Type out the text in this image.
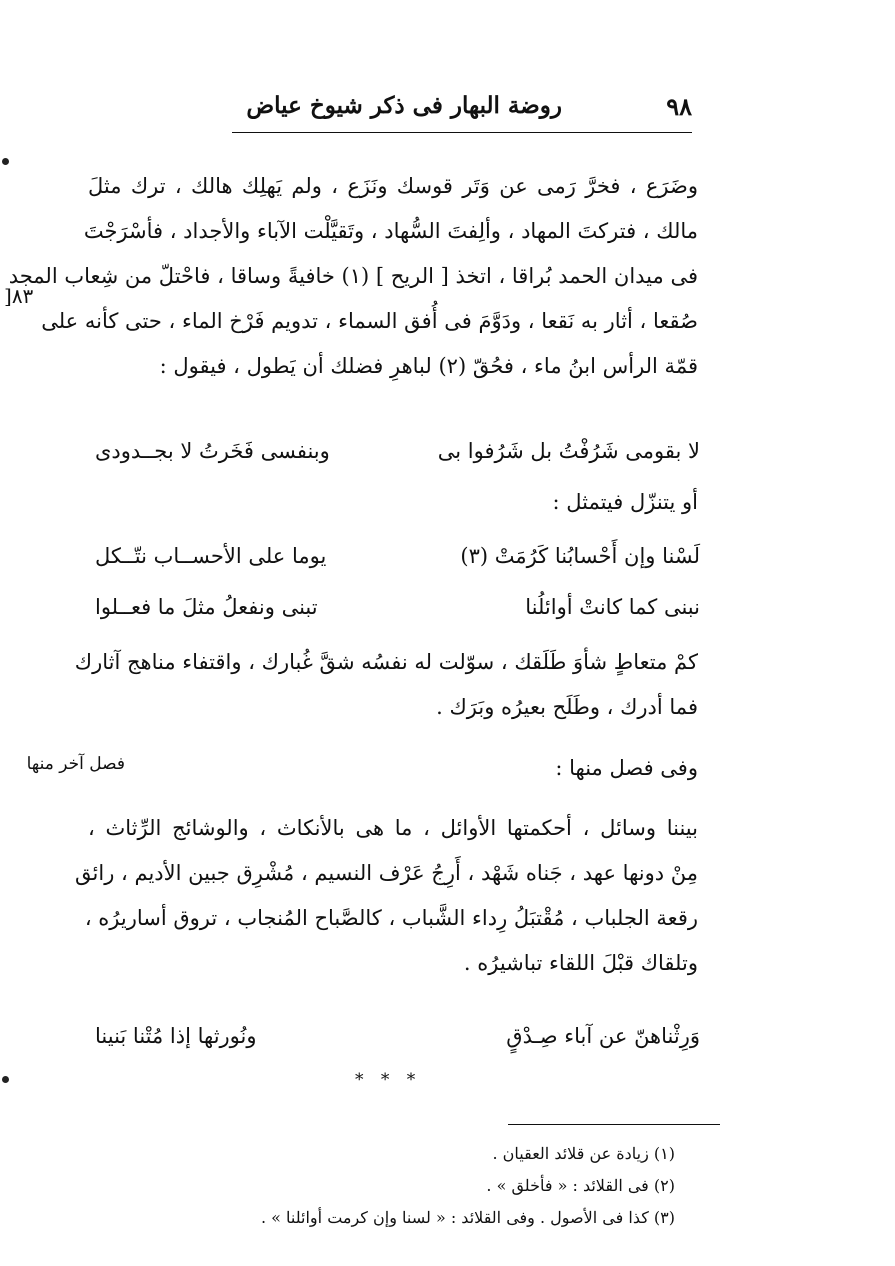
٩٨
روضة البهار فى ذكر شيوخ عياض
٨٣[
وضَرَع ، فخرَّ رَمى عن وَتَر قوسك ونَزَع ، ولم يَهلِك هالك ، ترك مثلَ
مالك ، فتركتَ المهاد ، وألِفتَ السُّهاد ، وتَقيَّلْت الآباء والأجداد ، فأسْرَجْتَ
فى ميدان الحمد بُراقا ، اتخذ [ الريح ] (١) خافيةً وساقا ، فاحْتلّ من شِعاب المجد
صُقعا ، أثار به نَقعا ، ودَوَّمَ فى أُفق السماء ، تدويم فَرْخ الماء ، حتى كأنه على
قمّة الرأس ابنُ ماء ، فحُقّ (٢) لباهرِ فضلك أن يَطول ، فيقول :
لا بقومى شَرُفْتُ بل شَرُفوا بى
وبنفسى فَخَرتُ لا بجــدودى
أو يتنزّل فيتمثل :
لَسْنا وإن أَحْسابُنا كَرُمَتْ (٣)
يوما على الأحســاب نتّــكل
نبنى كما كانتْ أوائلُنا
تبنى ونفعلُ مثلَ ما فعــلوا
كمْ متعاطٍ شأوَ طَلَقك ، سوّلت له نفسُه شقَّ غُبارك ، واقتفاء مناهج آثارك
فما أدرك ، وطَلَح بعيرُه وبَرَك .
فصل آخر منها	وفى فصل منها :
بيننا وسائل ، أحكمتها الأوائل ، ما هى بالأنكاث ، والوشائج الرِّثاث ،
مِنْ دونها عهد ، جَناه شَهْد ، أَرِجُ عَرْف النسيم ، مُشْرِق جبين الأديم ، رائق
رقعة الجلباب ، مُقْتبَلُ رِداء الشَّباب ، كالصَّباح المُنجاب ، تروق أساريرُه ،
وتلقاك قبْلَ اللقاء تباشيرُه .
وَرِثْناهنّ عن آباء صِـدْقٍ
ونُورثها إذا مُتْنا بَنينا
* * *
(١) زيادة عن قلائد العقيان .
(٢) فى القلائد : « فأخلق » .
(٣) كذا فى الأصول . وفى القلائد : « لسنا وإن كرمت أوائلنا » .
